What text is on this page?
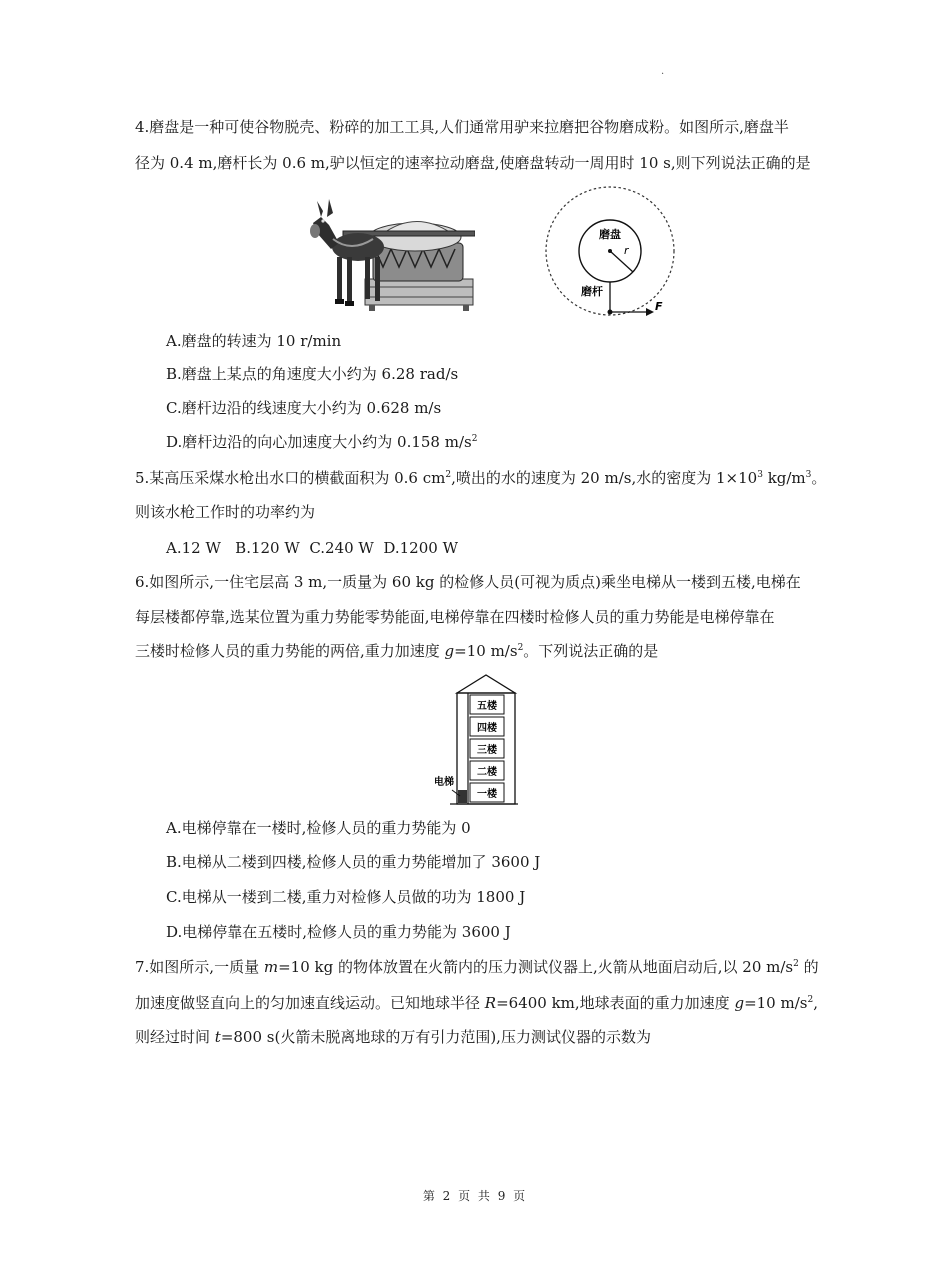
.
4.磨盘是一种可使谷物脱壳、粉碎的加工工具,人们通常用驴来拉磨把谷物磨成粉。如图所示,磨盘半
径为 0.4 m,磨杆长为 0.6 m,驴以恒定的速率拉动磨盘,使磨盘转动一周用时 10 s,则下列说法正确的是
磨盘
r
磨杆
F
A.磨盘的转速为 10 r/min
B.磨盘上某点的角速度大小约为 6.28 rad/s
C.磨杆边沿的线速度大小约为 0.628 m/s
D.磨杆边沿的向心加速度大小约为 0.158 $m/s^2$
5.某高压采煤水枪出水口的横截面积为 0.6 $cm^2$,喷出的水的速度为 20 m/s,水的密度为 $1\times 10^3$ $kg/m^3$。
则该水枪工作时的功率约为
A.12 W   B.120 W  C.240 W  D.1200 W
6.如图所示,一住宅层高 3 m,一质量为 60 kg 的检修人员(可视为质点)乘坐电梯从一楼到五楼,电梯在
每层楼都停靠,选某位置为重力势能零势能面,电梯停靠在四楼时检修人员的重力势能是电梯停靠在
三楼时检修人员的重力势能的两倍,重力加速度 g=10 $m/s^2$。下列说法正确的是
五楼
四楼
三楼
二楼
一楼
电梯
A.电梯停靠在一楼时,检修人员的重力势能为 0
B.电梯从二楼到四楼,检修人员的重力势能增加了 3600 J
C.电梯从一楼到二楼,重力对检修人员做的功为 1800 J
D.电梯停靠在五楼时,检修人员的重力势能为 3600 J
7.如图所示,一质量 m=10 kg 的物体放置在火箭内的压力测试仪器上,火箭从地面启动后,以 20 $m/s^2$ 的
加速度做竖直向上的匀加速直线运动。已知地球半径 R=6400 km,地球表面的重力加速度 g=10 $m/s^2$,
则经过时间 t=800 s(火箭未脱离地球的万有引力范围),压力测试仪器的示数为
第 2 页 共 9 页
